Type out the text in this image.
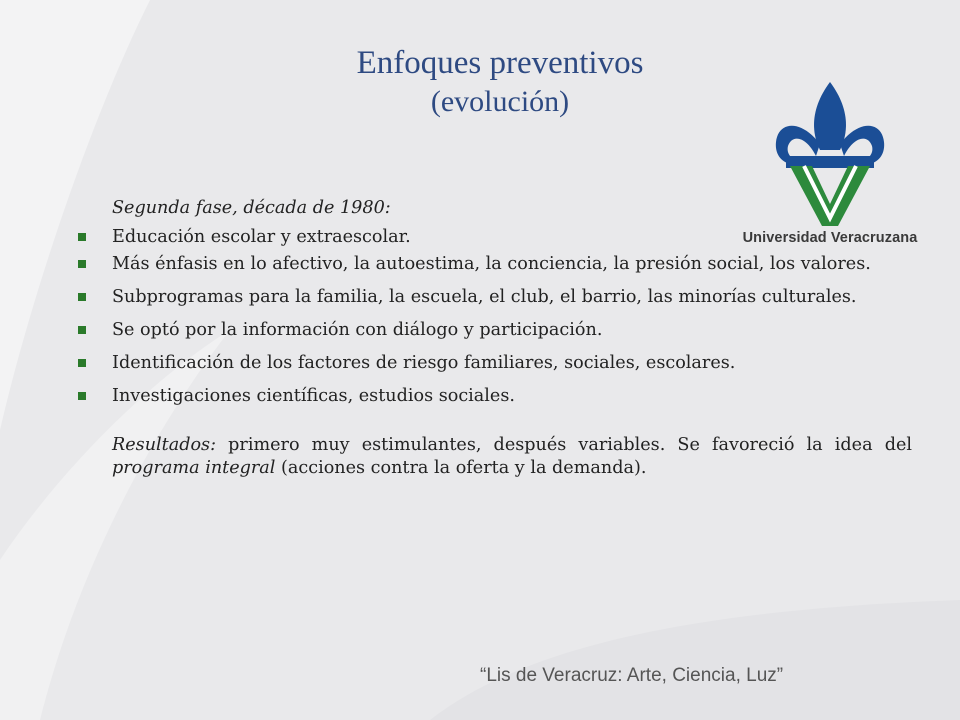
Enfoques preventivos
(evolución)
Universidad Veracruzana
Segunda fase, década de 1980:
Educación escolar y extraescolar.
Más énfasis en lo afectivo, la autoestima, la conciencia, la presión social, los valores.
Subprogramas para la familia, la escuela, el club, el barrio, las minorías culturales.
Se optó por la información con diálogo y participación.
Identificación de los factores de riesgo familiares, sociales, escolares.
Investigaciones científicas, estudios sociales.
Resultados: primero muy estimulantes, después variables. Se favoreció la idea del programa integral (acciones contra la oferta y la demanda).
“Lis de Veracruz: Arte, Ciencia, Luz”
